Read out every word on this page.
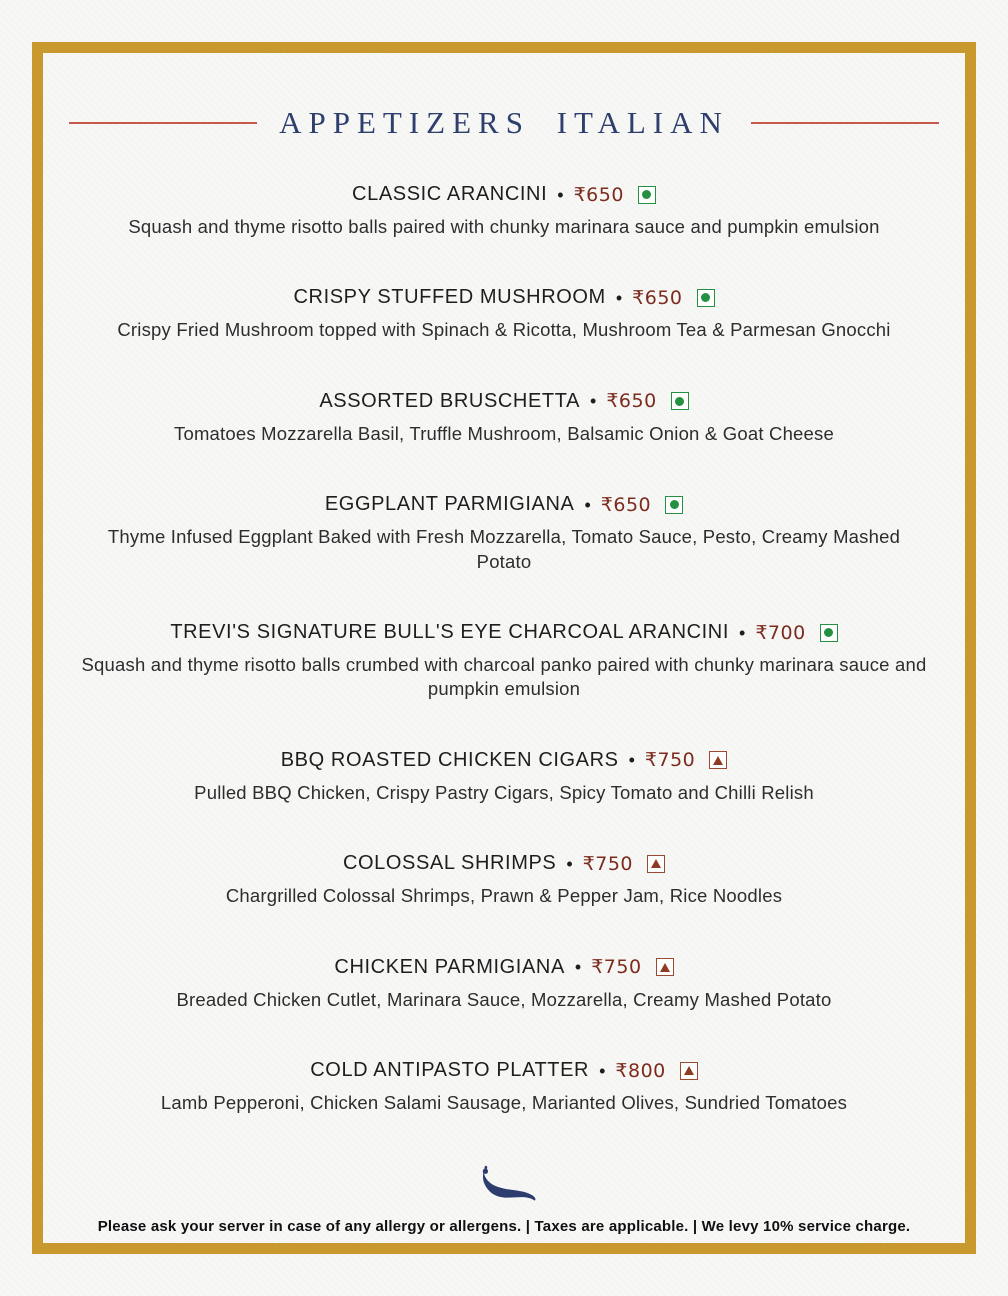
APPETIZERS ITALIAN
CLASSIC ARANCINI • ₹650
Squash and thyme risotto balls paired with chunky marinara sauce and pumpkin emulsion
CRISPY STUFFED MUSHROOM • ₹650
Crispy Fried Mushroom topped with Spinach & Ricotta, Mushroom Tea & Parmesan Gnocchi
ASSORTED BRUSCHETTA • ₹650
Tomatoes Mozzarella Basil, Truffle Mushroom, Balsamic Onion & Goat Cheese
EGGPLANT PARMIGIANA • ₹650
Thyme Infused Eggplant Baked with Fresh Mozzarella, Tomato Sauce, Pesto, Creamy Mashed Potato
TREVI'S SIGNATURE BULL'S EYE CHARCOAL ARANCINI • ₹700
Squash and thyme risotto balls crumbed with charcoal panko paired with chunky marinara sauce and pumpkin emulsion
BBQ ROASTED CHICKEN CIGARS • ₹750
Pulled BBQ Chicken, Crispy Pastry Cigars, Spicy Tomato and Chilli Relish
COLOSSAL SHRIMPS • ₹750
Chargrilled Colossal Shrimps, Prawn & Pepper Jam, Rice Noodles
CHICKEN PARMIGIANA • ₹750
Breaded Chicken Cutlet, Marinara Sauce, Mozzarella, Creamy Mashed Potato
COLD ANTIPASTO PLATTER • ₹800
Lamb Pepperoni, Chicken Salami Sausage, Marianted Olives, Sundried Tomatoes
Please ask your server in case of any allergy or allergens. | Taxes are applicable. | We levy 10% service charge.
